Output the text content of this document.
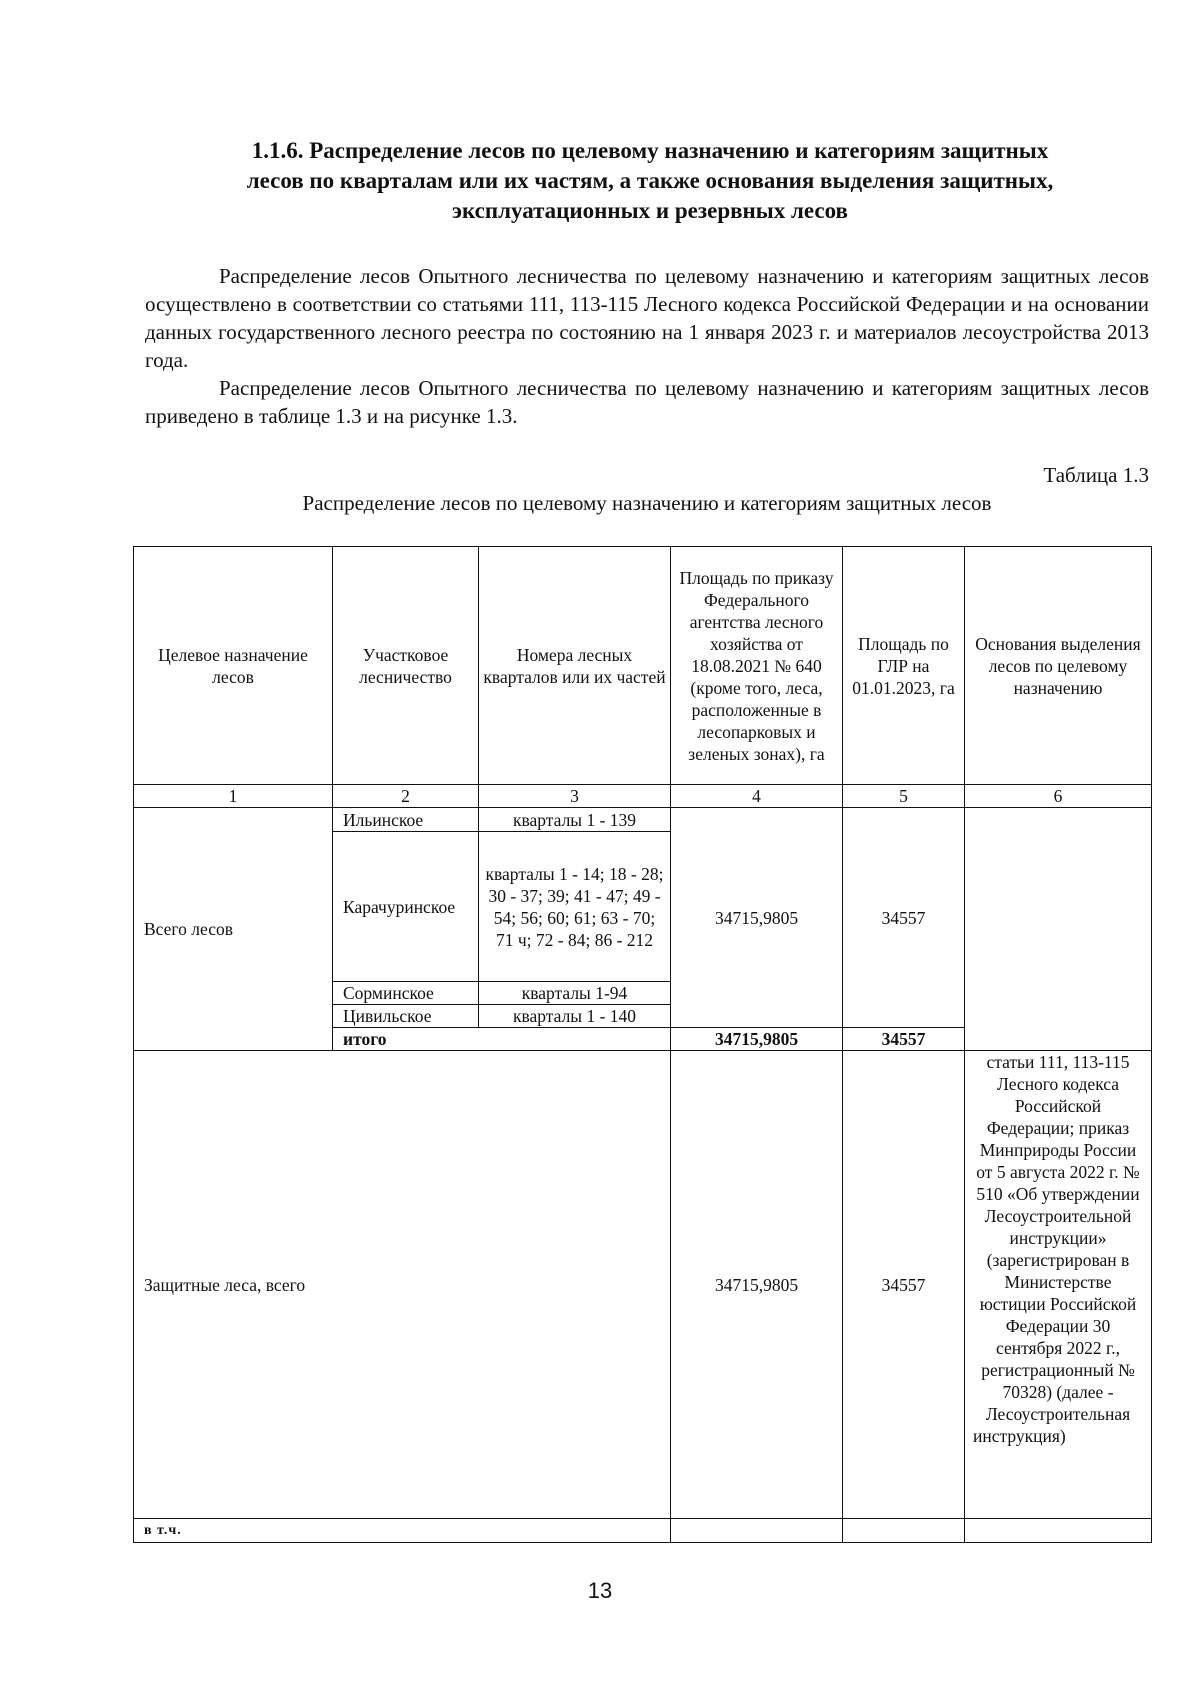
1.1.6. Распределение лесов по целевому назначению и категориям защитных
лесов по кварталам или их частям, а также основания выделения защитных,
эксплуатационных и резервных лесов

Распределение лесов Опытного лесничества по целевому назначению и категориям защитных лесов осуществлено в соответствии со статьями 111, 113-115 Лесного кодекса Российской Федерации и на основании данных государственного лесного реестра по состоянию на 1 января 2023 г. и материалов лесоустройства 2013 года.

Распределение лесов Опытного лесничества по целевому назначению и категориям защитных лесов приведено в таблице 1.3 и на рисунке 1.3.

Таблица 1.3
Распределение лесов по целевому назначению и категориям защитных лесов
Целевое назначение лесов	Участковое лесничество	Номера лесных кварталов или их частей	Площадь по приказу Федерального агентства лесного хозяйства от 18.08.2021 № 640 (кроме того, леса, расположенные в лесопарковых и зеленых зонах), га	Площадь по ГЛР на 01.01.2023, га	Основания выделения лесов по целевому назначению
1	2	3	4	5	6
Всего лесов	Ильинское	кварталы 1 - 139	34715,9805	34557	
	Карачуринское	кварталы 1 - 14; 18 - 28; 30 - 37; 39; 41 - 47; 49 - 54; 56; 60; 61; 63 - 70; 71 ч; 72 - 84; 86 - 212			
	Сорминское	кварталы 1-94			
	Цивильское	кварталы 1 - 140			
	итого		34715,9805	34557	
Защитные леса, всего			34715,9805	34557	статьи 111, 113-115 Лесного кодекса Российской Федерации; приказ Минприроды России от 5 августа 2022 г. № 510 «Об утверждении Лесоустроительной инструкции» (зарегистрирован в Министерстве юстиции Российской Федерации 30 сентября 2022 г., регистрационный № 70328) (далее - Лесоустроительная инструкция)
в т.ч.					
13
